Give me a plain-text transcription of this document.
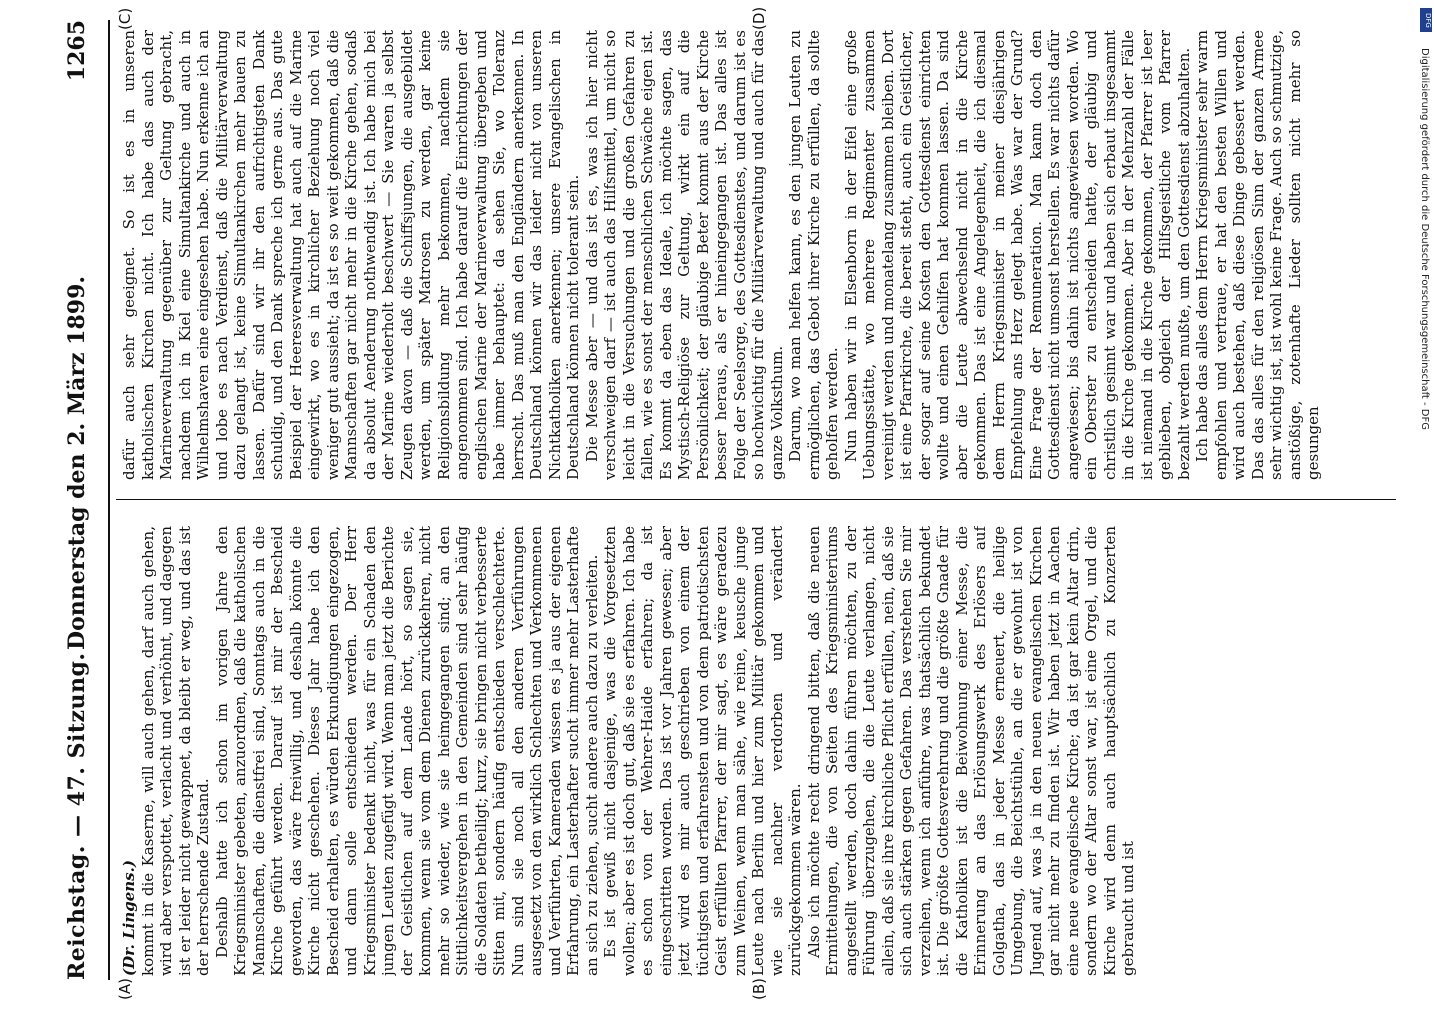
Reichstag. — 47. Sitzung.
Donnerstag den 2. März 1899.
1265
(A)	(B)
(C)	(D)

(Dr. Lingens.) kommt in die Kaserne, will auch gehen, darf auch gehen, wird aber verspottet, verlacht und verhöhnt, und dagegen ist er leider nicht gewappnet, da bleibt er weg, und das ist der herrschende Zustand. Deshalb hatte ich schon im vorigen Jahre den Kriegsminister gebeten, anzuordnen, daß die katholischen Mannschaften, die dienstfrei sind, Sonntags auch in die Kirche geführt werden. Darauf ist mir der Bescheid geworden, das wäre freiwillig, und deshalb könnte die Kirche nicht geschehen. Dieses Jahr habe ich den Bescheid erhalten, es würden Erkundigungen eingezogen, und dann solle entschieden werden. Der Herr Kriegsminister bedenkt nicht, was für ein Schaden den jungen Leuten zugefügt wird. Wenn man jetzt die Berichte der Geistlichen auf dem Lande hört, so sagen sie, kommen, wenn sie vom dem Dienen zurückkehren, nicht mehr so wieder, wie sie heimgegangen sind; an den Sittlichkeitsvergehen in den Gemeinden sind sehr häufig die Soldaten betheiligt; kurz, sie bringen nicht verbesserte Sitten mit, sondern häufig entschieden verschlechterte. Nun sind sie noch all den anderen Verführungen ausgesetzt von den wirklich Schlechten und Verkommenen und Verführten, Kameraden wissen es ja aus der eigenen Erfahrung, ein Lasterhafter sucht immer mehr Lasterhafte an sich zu ziehen, sucht andere auch dazu zu verleiten. Es ist gewiß nicht dasjenige, was die Vorgesetzten wollen; aber es ist doch gut, daß sie es erfahren. Ich habe es schon von der Wehrer-Haide erfahren; da ist eingeschritten worden. Das ist vor Jahren gewesen; aber jetzt wird es mir auch geschrieben von einem der tüchtigsten und erfahrensten und von dem patriotischsten Geist erfüllten Pfarrer, der mir sagt, es wäre geradezu zum Weinen, wenn man sähe, wie reine, keusche junge Leute nach Berlin und hier zum Militär gekommen und wie sie nachher verdorben und verändert zurückgekommen wären. Also ich möchte recht dringend bitten, daß die neuen Ermittelungen, die von Seiten des Kriegsministeriums angestellt werden, doch dahin führen möchten, zu der Führung überzugehen, die die Leute verlangen, nicht allein, daß sie ihre kirchliche Pflicht erfüllen, nein, daß sie sich auch stärken gegen Gefahren. Das verstehen Sie mir verzeihen, wenn ich anführe, was thatsächlich bekundet ist. Die größte Gottesverehrung und die größte Gnade für die Katholiken ist die Beiwohnung einer Messe, die Erinnerung an das Erlösungswerk des Erlösers auf Golgatha, das in jeder Messe erneuert, die heilige Umgebung, die Beichtstühle, an die er gewohnt ist von Jugend auf, was ja in den neuen evangelischen Kirchen gar nicht mehr zu finden ist. Wir haben jetzt in Aachen eine neue evangelische Kirche; da ist gar kein Altar drin, sondern wo der Altar sonst war, ist eine Orgel, und die Kirche wird denn auch hauptsächlich zu Konzerten gebraucht und ist

dafür auch sehr geeignet. So ist es in unseren katholischen Kirchen nicht. Ich habe das auch der Marineverwaltung gegenüber zur Geltung gebracht, nachdem ich in Kiel eine Simultankirche und auch in Wilhelmshaven eine eingesehen habe. Nun erkenne ich an und lobe es nach Verdienst, daß die Militärverwaltung dazu gelangt ist, keine Simultankirchen mehr bauen zu lassen. Dafür sind wir ihr den aufrichtigsten Dank schuldig, und den Dank spreche ich gerne aus. Das gute Beispiel der Heeresverwaltung hat auch auf die Marine eingewirkt, wo es in kirchlicher Beziehung noch viel weniger gut aussieht; da ist es so weit gekommen, daß die Mannschaften gar nicht mehr in die Kirche gehen, sodaß da absolut Aenderung nothwendig ist. Ich habe mich bei der Marine wiederholt beschwert — Sie waren ja selbst Zeugen davon — daß die Schiffsjungen, die ausgebildet werden, um später Matrosen zu werden, gar keine Religionsbildung mehr bekommen, nachdem sie angenommen sind. Ich habe darauf die Einrichtungen der englischen Marine der Marineverwaltung übergeben und habe immer behauptet: da sehen Sie, wo Toleranz herrscht. Das muß man den Engländern anerkennen. In Deutschland können wir das leider nicht von unseren Nichtkatholiken anerkennen; unsere Evangelischen in Deutschland können nicht tolerant sein. Die Messe aber — und das ist es, was ich hier nicht verschweigen darf — ist auch das Hilfsmittel, um nicht so leicht in die Versuchungen und die großen Gefahren zu fallen, wie es sonst der menschlichen Schwäche eigen ist. Es kommt da eben das Ideale, ich möchte sagen, das Mystisch-Religiöse zur Geltung, wirkt ein auf die Persönlichkeit; der gläubige Beter kommt aus der Kirche besser heraus, als er hineingegangen ist. Das alles ist Folge der Seelsorge, des Gottesdienstes, und darum ist es so hochwichtig für die Militärverwaltung und auch für das ganze Volksthum. Darum, wo man helfen kann, es den jungen Leuten zu ermöglichen, das Gebot ihrer Kirche zu erfüllen, da sollte geholfen werden. Nun haben wir in Elsenborn in der Eifel eine große Uebungsstätte, wo mehrere Regimenter zusammen vereinigt werden und monatelang zusammen bleiben. Dort ist eine Pfarrkirche, die bereit steht, auch ein Geistlicher, der sogar auf seine Kosten den Gottesdienst einrichten wollte und einen Gehilfen hat kommen lassen. Da sind aber die Leute abwechselnd nicht in die Kirche gekommen. Das ist eine Angelegenheit, die ich diesmal dem Herrn Kriegsminister in meiner diesjährigen Empfehlung ans Herz gelegt habe. Was war der Grund? Eine Frage der Remuneration. Man kann doch den Gottesdienst nicht umsonst herstellen. Es war nichts dafür angewiesen; bis dahin ist nichts angewiesen worden. Wo ein Oberster zu entscheiden hatte, der gläubig und christlich gesinnt war und haben sich erbaut insgesammt in die Kirche gekommen. Aber in der Mehrzahl der Fälle ist niemand in die Kirche gekommen, der Pfarrer ist leer geblieben, obgleich der Hilfsgeistliche vom Pfarrer bezahlt werden mußte, um den Gottesdienst abzuhalten. Ich habe das alles dem Herrn Kriegsminister sehr warm empfohlen und vertraue, er hat den besten Willen und wird auch bestehen, daß diese Dinge gebessert werden. Das das alles für den religiösen Sinn der ganzen Armee sehr wichtig ist, ist wohl keine Frage. Auch so schmutzige, anstößige, zotenhafte Lieder sollten nicht mehr so gesungen

DFG
Digitalisierung gefördert durch die Deutsche Forschungsgemeinschaft - DFG
